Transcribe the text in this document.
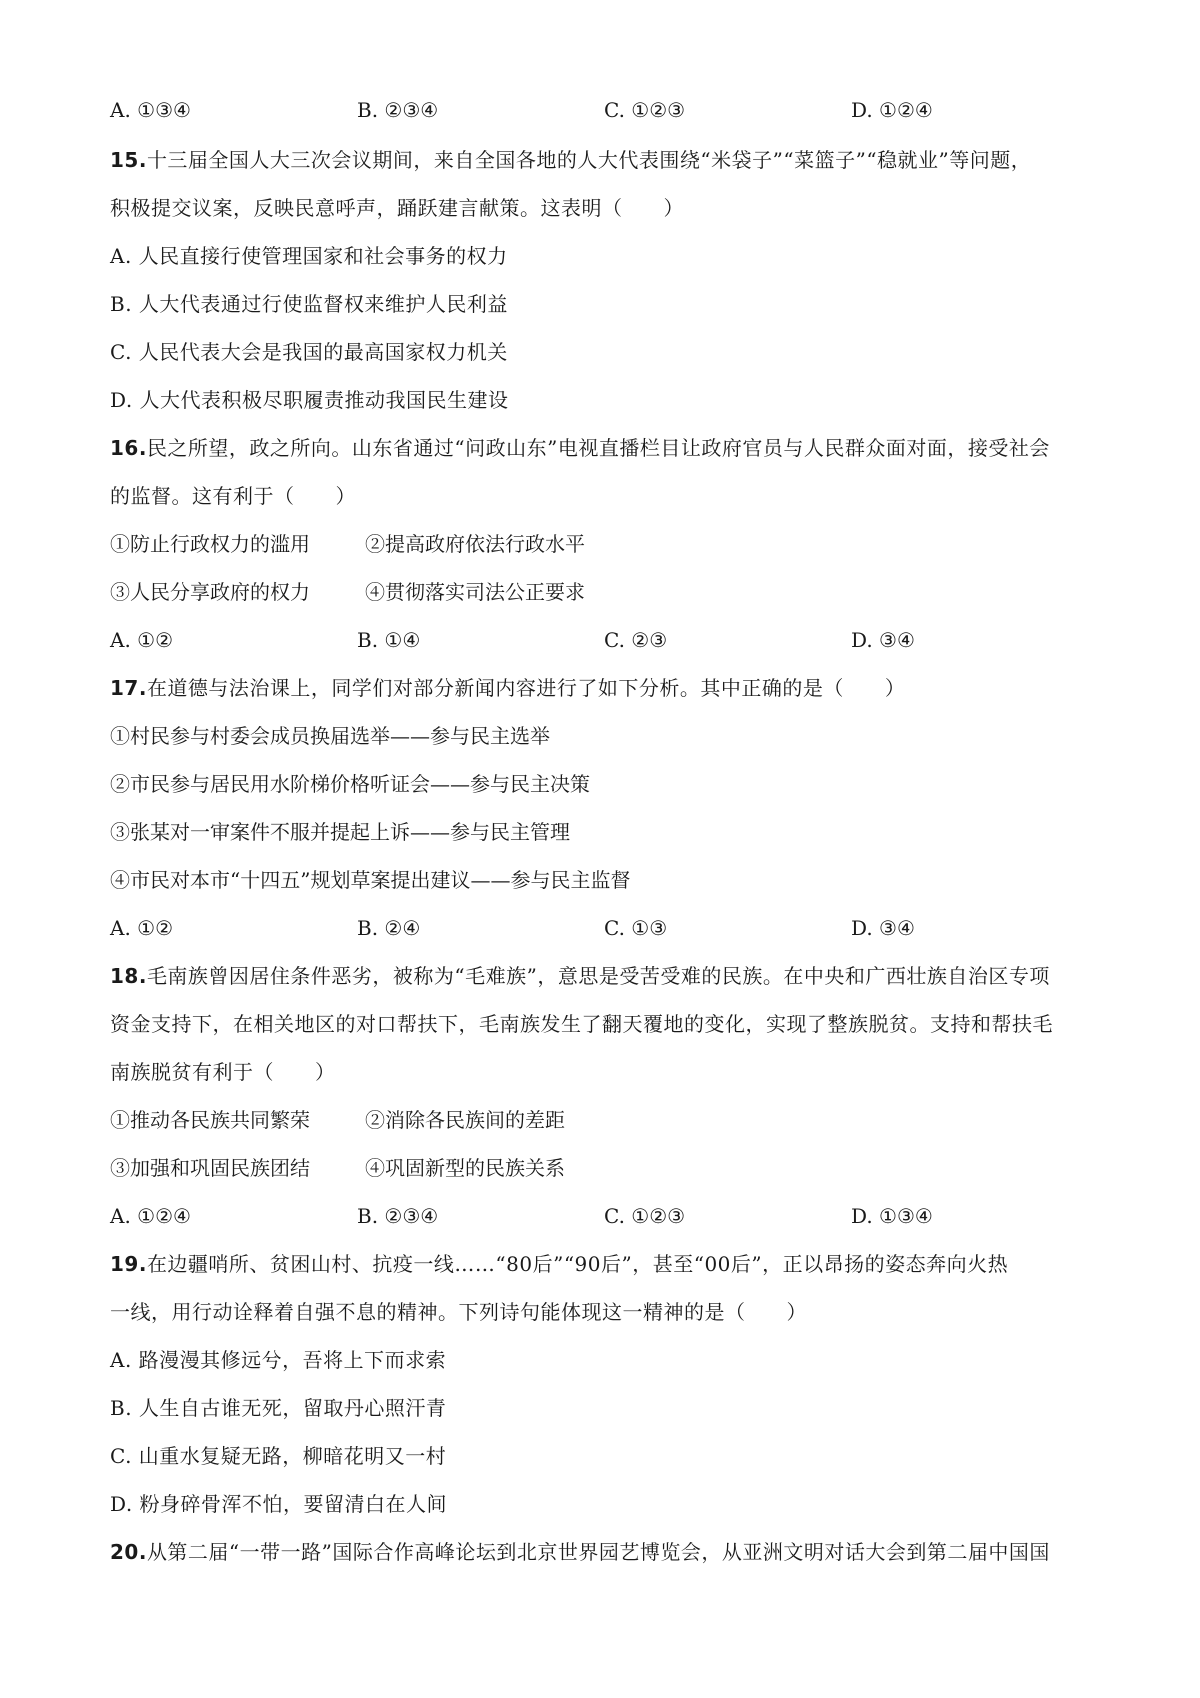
A. ①③④	B. ②③④	C. ①②③	D. ①②④
15.十三届全国人大三次会议期间，来自全国各地的人大代表围绕“米袋子”“菜篮子”“稳就业”等问题，
积极提交议案，反映民意呼声，踊跃建言献策。这表明（　　）
A. 人民直接行使管理国家和社会事务的权力
B. 人大代表通过行使监督权来维护人民利益
C. 人民代表大会是我国的最高国家权力机关
D. 人大代表积极尽职履责推动我国民生建设
16.民之所望，政之所向。山东省通过“问政山东”电视直播栏目让政府官员与人民群众面对面，接受社会
的监督。这有利于（　　）
①防止行政权力的滥用	②提高政府依法行政水平
③人民分享政府的权力	④贯彻落实司法公正要求
A. ①②	B. ①④	C. ②③	D. ③④
17.在道德与法治课上，同学们对部分新闻内容进行了如下分析。其中正确的是（　　）
①村民参与村委会成员换届选举——参与民主选举
②市民参与居民用水阶梯价格听证会——参与民主决策
③张某对一审案件不服并提起上诉——参与民主管理
④市民对本市“十四五”规划草案提出建议——参与民主监督
A. ①②	B. ②④	C. ①③	D. ③④
18.毛南族曾因居住条件恶劣，被称为“毛难族”，意思是受苦受难的民族。在中央和广西壮族自治区专项
资金支持下，在相关地区的对口帮扶下，毛南族发生了翻天覆地的变化，实现了整族脱贫。支持和帮扶毛
南族脱贫有利于（　　）
①推动各民族共同繁荣	②消除各民族间的差距
③加强和巩固民族团结	④巩固新型的民族关系
A. ①②④	B. ②③④	C. ①②③	D. ①③④
19.在边疆哨所、贫困山村、抗疫一线……“80后”“90后”，甚至“00后”，正以昂扬的姿态奔向火热
一线，用行动诠释着自强不息的精神。下列诗句能体现这一精神的是（　　）
A. 路漫漫其修远兮，吾将上下而求索
B. 人生自古谁无死，留取丹心照汗青
C. 山重水复疑无路，柳暗花明又一村
D. 粉身碎骨浑不怕，要留清白在人间
20.从第二届“一带一路”国际合作高峰论坛到北京世界园艺博览会，从亚洲文明对话大会到第二届中国国
